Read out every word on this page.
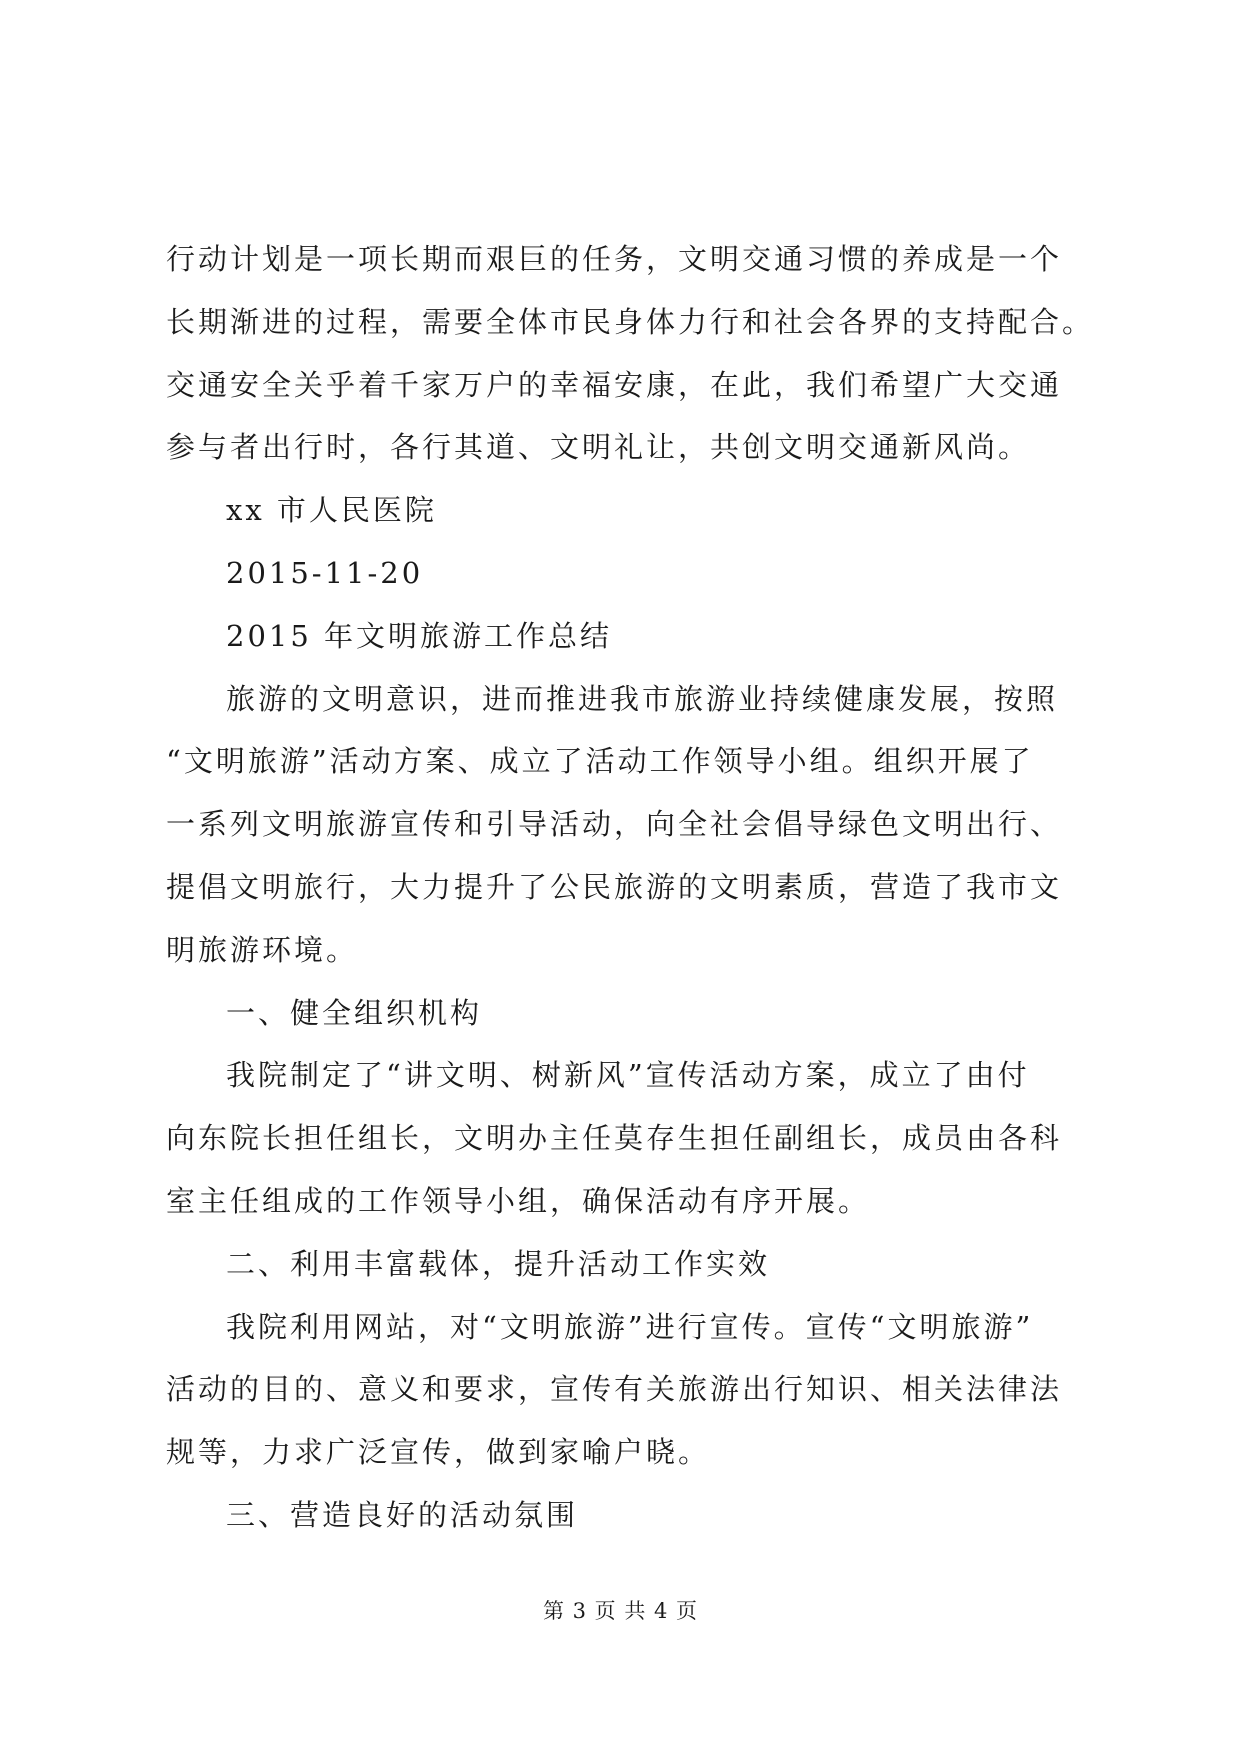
行动计划是一项长期而艰巨的任务，文明交通习惯的养成是一个
长期渐进的过程，需要全体市民身体力行和社会各界的支持配合。
交通安全关乎着千家万户的幸福安康，在此，我们希望广大交通
参与者出行时，各行其道、文明礼让，共创文明交通新风尚。
xx 市人民医院
2015-11-20
2015 年文明旅游工作总结
旅游的文明意识，进而推进我市旅游业持续健康发展，按照
“文明旅游”活动方案、成立了活动工作领导小组。组织开展了
一系列文明旅游宣传和引导活动，向全社会倡导绿色文明出行、
提倡文明旅行，大力提升了公民旅游的文明素质，营造了我市文
明旅游环境。
一、健全组织机构
我院制定了“讲文明、树新风”宣传活动方案，成立了由付
向东院长担任组长，文明办主任莫存生担任副组长，成员由各科
室主任组成的工作领导小组，确保活动有序开展。
二、利用丰富载体，提升活动工作实效
我院利用网站，对“文明旅游”进行宣传。宣传“文明旅游”
活动的目的、意义和要求，宣传有关旅游出行知识、相关法律法
规等，力求广泛宣传，做到家喻户晓。
三、营造良好的活动氛围
第 3 页 共 4 页
